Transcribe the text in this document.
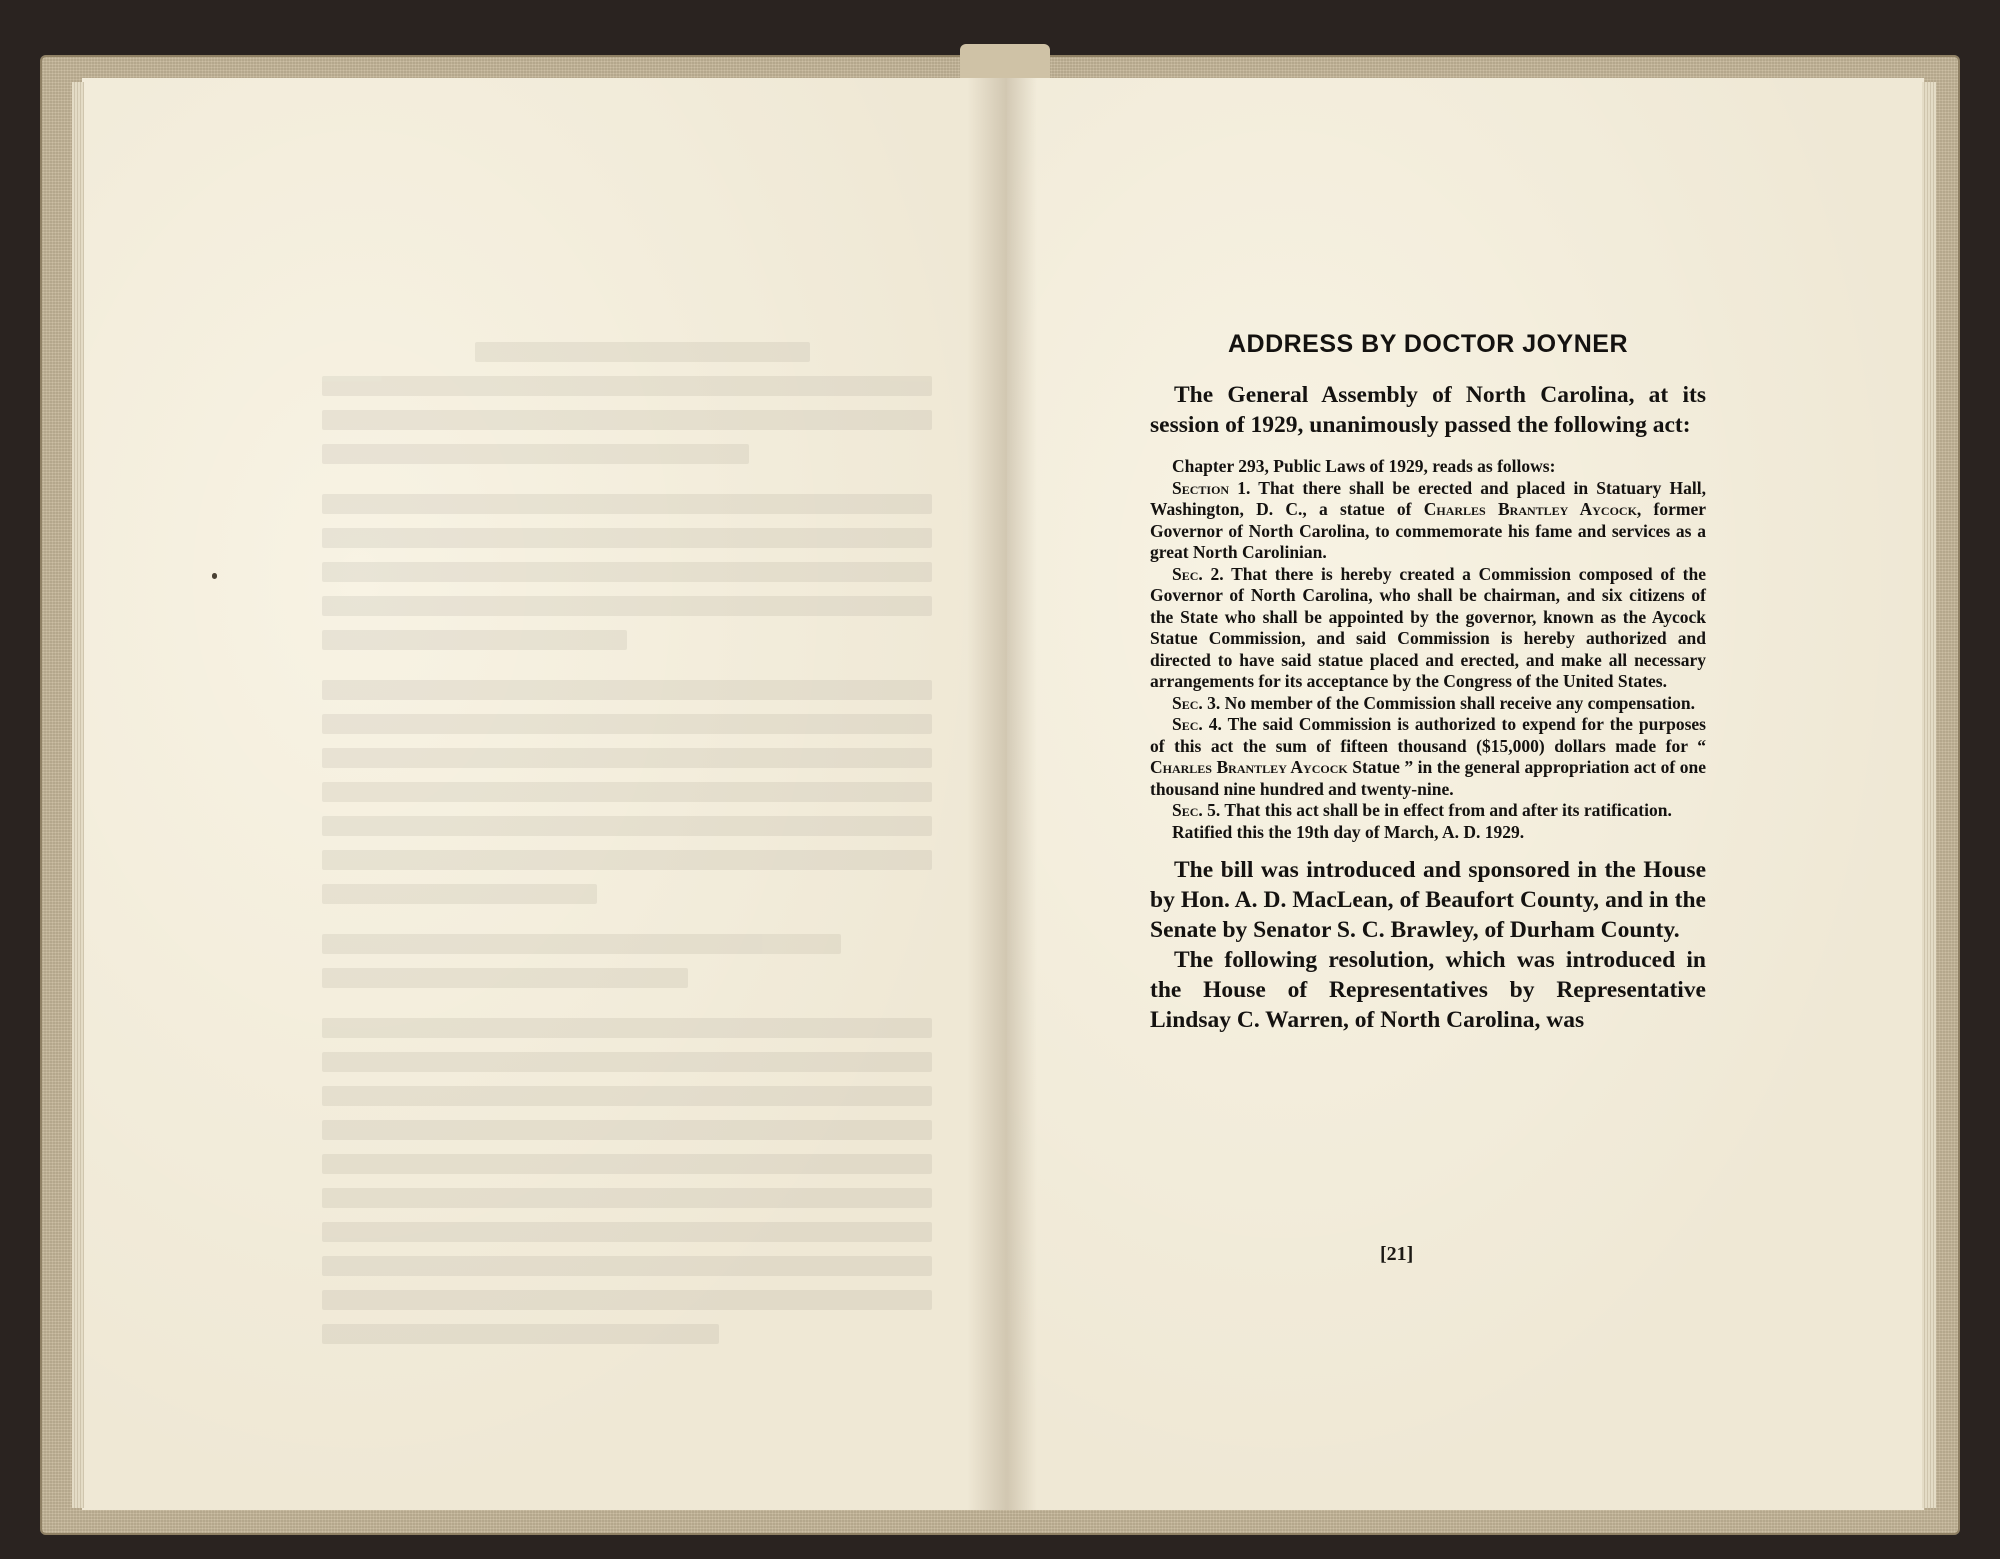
ADDRESS BY DOCTOR JOYNER

The General Assembly of North Carolina, at its session of 1929, unanimously passed the following act:

Chapter 293, Public Laws of 1929, reads as follows:

Section 1. That there shall be erected and placed in Statuary Hall, Washington, D. C., a statue of Charles Brantley Aycock, former Governor of North Carolina, to commemorate his fame and services as a great North Carolinian.

Sec. 2. That there is hereby created a Commission composed of the Governor of North Carolina, who shall be chairman, and six citizens of the State who shall be appointed by the governor, known as the Aycock Statue Commission, and said Commission is hereby authorized and directed to have said statue placed and erected, and make all necessary arrangements for its acceptance by the Congress of the United States.

Sec. 3. No member of the Commission shall receive any compensation.

Sec. 4. The said Commission is authorized to expend for the purposes of this act the sum of fifteen thousand ($15,000) dollars made for “ Charles Brantley Aycock Statue ” in the general appropriation act of one thousand nine hundred and twenty-nine.

Sec. 5. That this act shall be in effect from and after its ratification.

Ratified this the 19th day of March, A. D. 1929.

The bill was introduced and sponsored in the House by Hon. A. D. MacLean, of Beaufort County, and in the Senate by Senator S. C. Brawley, of Durham County.

The following resolution, which was introduced in the House of Representatives by Representative Lindsay C. Warren, of North Carolina, was

[21]
